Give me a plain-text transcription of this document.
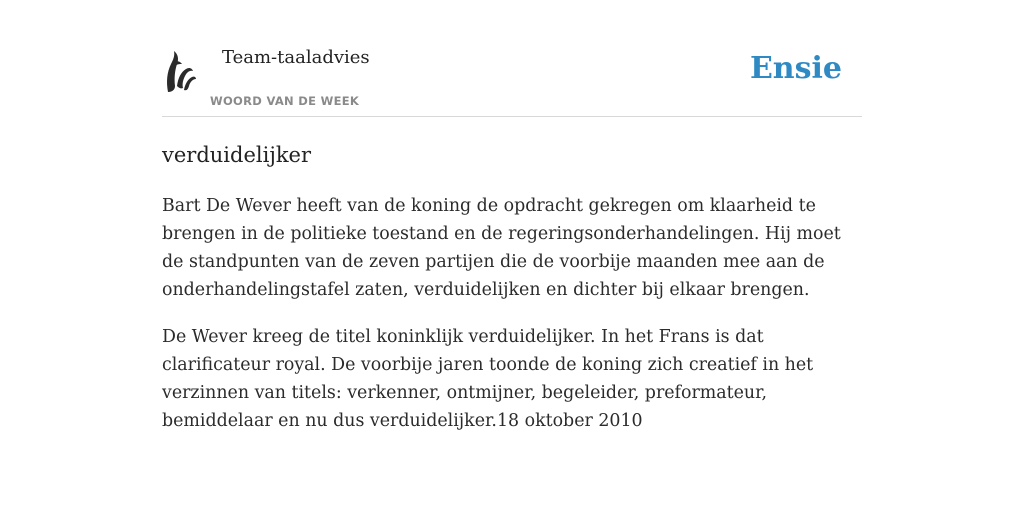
Team-taaladvies
WOORD VAN DE WEEK
Ensie
verduidelijker

Bart De Wever heeft van de koning de opdracht gekregen om klaarheid te brengen in de politieke toestand en de regeringsonderhandelingen. Hij moet de standpunten van de zeven partijen die de voorbije maanden mee aan de onderhandelingstafel zaten, verduidelijken en dichter bij elkaar brengen.

De Wever kreeg de titel koninklijk verduidelijker. In het Frans is dat clarificateur royal. De voorbije jaren toonde de koning zich creatief in het verzinnen van titels: verkenner, ontmijner, begeleider, preformateur, bemiddelaar en nu dus verduidelijker.18 oktober 2010
